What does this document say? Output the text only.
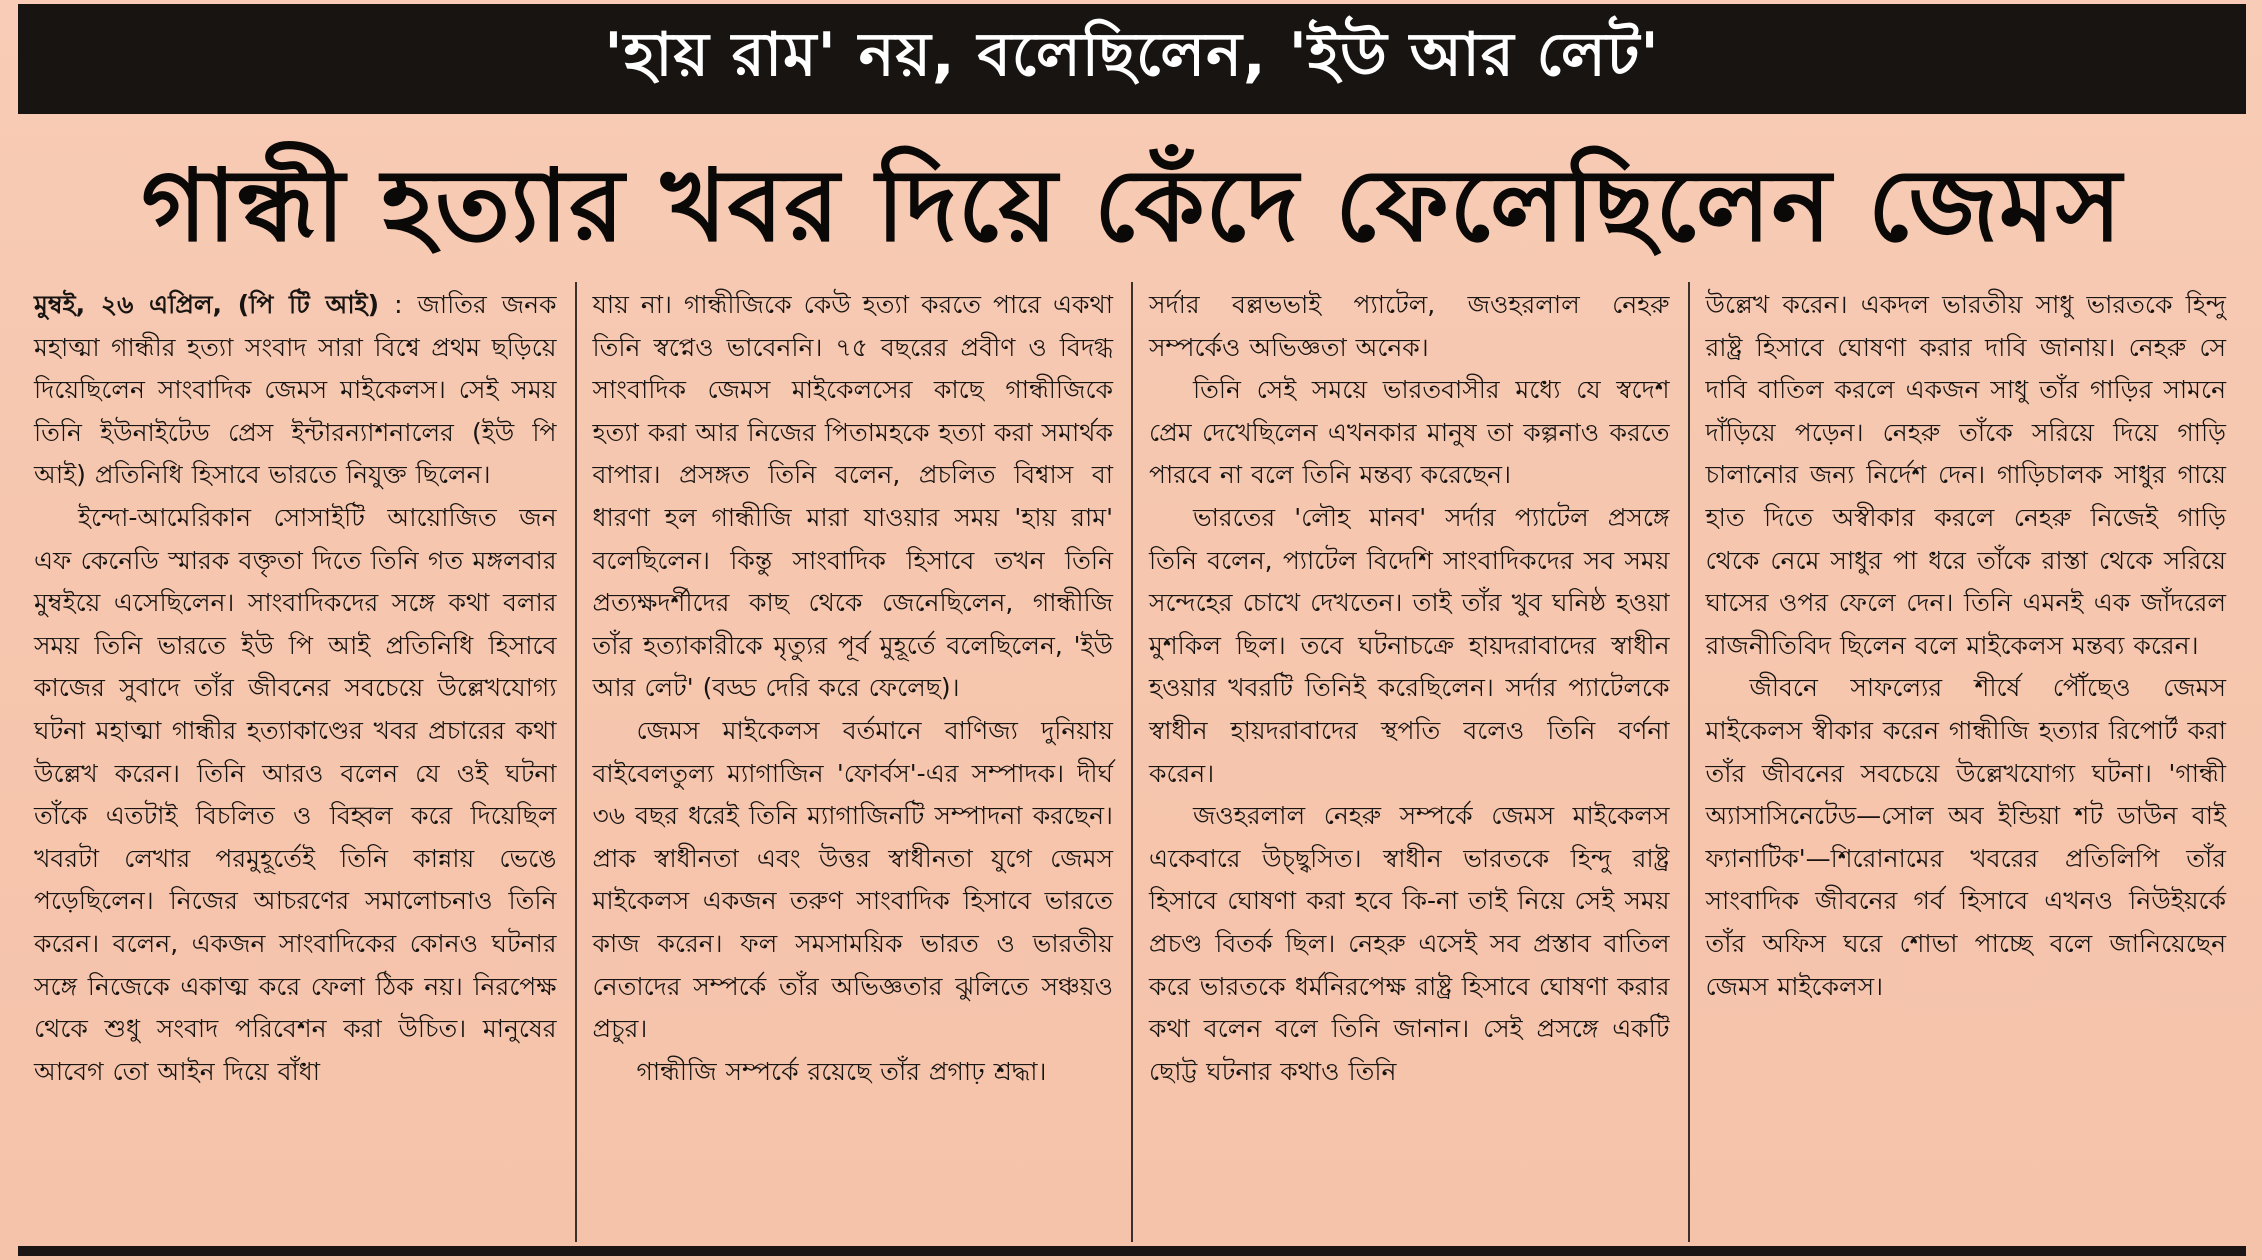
'হায় রাম' নয়, বলেছিলেন, 'ইউ আর লেট'
গান্ধী হত্যার খবর দিয়ে কেঁদে ফেলেছিলেন জেমস

মুম্বই, ২৬ এপ্রিল, (পি টি আই) : জাতির জনক মহাত্মা গান্ধীর হত্যা সংবাদ সারা বিশ্বে প্রথম ছড়িয়ে দিয়েছিলেন সাংবাদিক জেমস মাইকেলস। সেই সময় তিনি ইউনাইটেড প্রেস ইন্টারন্যাশনালের (ইউ পি আই) প্রতিনিধি হিসাবে ভারতে নিযুক্ত ছিলেন।

ইন্দো-আমেরিকান সোসাইটি আয়োজিত জন এফ কেনেডি স্মারক বক্তৃতা দিতে তিনি গত মঙ্গলবার মুম্বইয়ে এসেছিলেন। সাংবাদিকদের সঙ্গে কথা বলার সময় তিনি ভারতে ইউ পি আই প্রতিনিধি হিসাবে কাজের সুবাদে তাঁর জীবনের সবচেয়ে উল্লেখযোগ্য ঘটনা মহাত্মা গান্ধীর হত্যাকাণ্ডের খবর প্রচারের কথা উল্লেখ করেন। তিনি আরও বলেন যে ওই ঘটনা তাঁকে এতটাই বিচলিত ও বিহ্বল করে দিয়েছিল খবরটা লেখার পরমুহূর্তেই তিনি কান্নায় ভেঙে পড়েছিলেন। নিজের আচরণের সমালোচনাও তিনি করেন। বলেন, একজন সাংবাদিকের কোনও ঘটনার সঙ্গে নিজেকে একাত্ম করে ফেলা ঠিক নয়। নিরপেক্ষ থেকে শুধু সংবাদ পরিবেশন করা উচিত। মানুষের আবেগ তো আইন দিয়ে বাঁধা

যায় না। গান্ধীজিকে কেউ হত্যা করতে পারে একথা তিনি স্বপ্নেও ভাবেননি। ৭৫ বছরের প্রবীণ ও বিদগ্ধ সাংবাদিক জেমস মাইকেলসের কাছে গান্ধীজিকে হত্যা করা আর নিজের পিতামহকে হত্যা করা সমার্থক বাপার। প্রসঙ্গত তিনি বলেন, প্রচলিত বিশ্বাস বা ধারণা হল গান্ধীজি মারা যাওয়ার সময় 'হায় রাম' বলেছিলেন। কিন্তু সাংবাদিক হিসাবে তখন তিনি প্রত্যক্ষদর্শীদের কাছ থেকে জেনেছিলেন, গান্ধীজি তাঁর হত্যাকারীকে মৃত্যুর পূর্ব মুহূর্তে বলেছিলেন, 'ইউ আর লেট' (বড্ড দেরি করে ফেলেছ)।

জেমস মাইকেলস বর্তমানে বাণিজ্য দুনিয়ায় বাইবেলতুল্য ম্যাগাজিন 'ফোর্বস'-এর সম্পাদক। দীর্ঘ ৩৬ বছর ধরেই তিনি ম্যাগাজিনটি সম্পাদনা করছেন। প্রাক স্বাধীনতা এবং উত্তর স্বাধীনতা যুগে জেমস মাইকেলস একজন তরুণ সাংবাদিক হিসাবে ভারতে কাজ করেন। ফল সমসাময়িক ভারত ও ভারতীয় নেতাদের সম্পর্কে তাঁর অভিজ্ঞতার ঝুলিতে সঞ্চয়ও প্রচুর।

গান্ধীজি সম্পর্কে রয়েছে তাঁর প্রগাঢ় শ্রদ্ধা।

সর্দার বল্লভভাই প্যাটেল, জওহরলাল নেহরু সম্পর্কেও অভিজ্ঞতা অনেক।

তিনি সেই সময়ে ভারতবাসীর মধ্যে যে স্বদেশ প্রেম দেখেছিলেন এখনকার মানুষ তা কল্পনাও করতে পারবে না বলে তিনি মন্তব্য করেছেন।

ভারতের 'লৌহ মানব' সর্দার প্যাটেল প্রসঙ্গে তিনি বলেন, প্যাটেল বিদেশি সাংবাদিকদের সব সময় সন্দেহের চোখে দেখতেন। তাই তাঁর খুব ঘনিষ্ঠ হওয়া মুশকিল ছিল। তবে ঘটনাচক্রে হায়দরাবাদের স্বাধীন হওয়ার খবরটি তিনিই করেছিলেন। সর্দার প্যাটেলকে স্বাধীন হায়দরাবাদের স্থপতি বলেও তিনি বর্ণনা করেন।

জওহরলাল নেহরু সম্পর্কে জেমস মাইকেলস একেবারে উচ্ছ্বসিত। স্বাধীন ভারতকে হিন্দু রাষ্ট্র হিসাবে ঘোষণা করা হবে কি-না তাই নিয়ে সেই সময় প্রচণ্ড বিতর্ক ছিল। নেহরু এসেই সব প্রস্তাব বাতিল করে ভারতকে ধর্মনিরপেক্ষ রাষ্ট্র হিসাবে ঘোষণা করার কথা বলেন বলে তিনি জানান। সেই প্রসঙ্গে একটি ছোট্ট ঘটনার কথাও তিনি

উল্লেখ করেন। একদল ভারতীয় সাধু ভারতকে হিন্দু রাষ্ট্র হিসাবে ঘোষণা করার দাবি জানায়। নেহরু সে দাবি বাতিল করলে একজন সাধু তাঁর গাড়ির সামনে দাঁড়িয়ে পড়েন। নেহরু তাঁকে সরিয়ে দিয়ে গাড়ি চালানোর জন্য নির্দেশ দেন। গাড়িচালক সাধুর গায়ে হাত দিতে অস্বীকার করলে নেহরু নিজেই গাড়ি থেকে নেমে সাধুর পা ধরে তাঁকে রাস্তা থেকে সরিয়ে ঘাসের ওপর ফেলে দেন। তিনি এমনই এক জাঁদরেল রাজনীতিবিদ ছিলেন বলে মাইকেলস মন্তব্য করেন।

জীবনে সাফল্যের শীর্ষে পৌঁছেও জেমস মাইকেলস স্বীকার করেন গান্ধীজি হত্যার রিপোর্ট করা তাঁর জীবনের সবচেয়ে উল্লেখযোগ্য ঘটনা। 'গান্ধী অ্যাসাসিনেটেড—সোল অব ইন্ডিয়া শট ডাউন বাই ফ্যানাটিক'—শিরোনামের খবরের প্রতিলিপি তাঁর সাংবাদিক জীবনের গর্ব হিসাবে এখনও নিউইয়র্কে তাঁর অফিস ঘরে শোভা পাচ্ছে বলে জানিয়েছেন জেমস মাইকেলস।
